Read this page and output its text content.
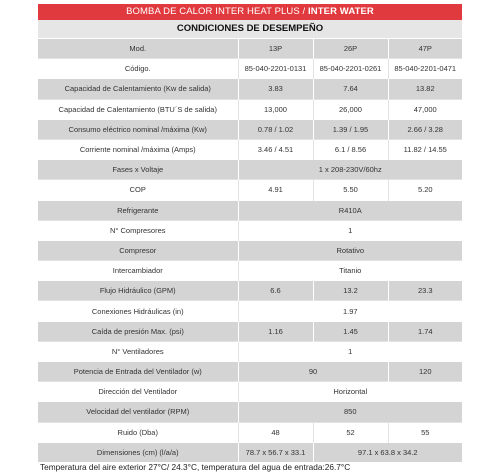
BOMBA DE CALOR INTER HEAT PLUS / INTER WATER
CONDICIONES DE DESEMPEÑO
Mod.	13P	26P	47P
Código.	85-040-2201-0131	85-040-2201-0261	85-040-2201-0471
Capacidad de Calentamiento (Kw de salida)	3.83	7.64	13.82
Capacidad de Calentamiento (BTU´S de salida)	13,000	26,000	47,000
Consumo eléctrico nominal /máxima (Kw)	0.78 / 1.02	1.39 / 1.95	2.66 / 3.28
Corriente nominal /máxima (Amps)	3.46 / 4.51	6.1 / 8.56	11.82 / 14.55
Fases x Voltaje	1 x 208-230V/60hz		
COP	4.91	5.50	5.20
Refrigerante	R410A		
N° Compresores	1		
Compresor	Rotativo		
Intercambiador	Titanio		
Flujo Hidráulico (GPM)	6.6	13.2	23.3
Conexiones Hidráulicas (in)	1.97		
Caída de presión Max. (psi)	1.16	1.45	1.74
N° Ventiladores	1		
Potencia de Entrada del Ventilador (w)	90		120
Dirección del Ventilador	Horizontal		
Velocidad del ventilador (RPM)	850		
Ruido (Dba)	48	52	55
Dimensiones (cm) (l/a/a)	78.7 x 56.7 x 33.1	97.1 x 63.8 x 34.2	
Temperatura del aire exterior 27°C/ 24.3°C, temperatura del agua de entrada:26.7°C
